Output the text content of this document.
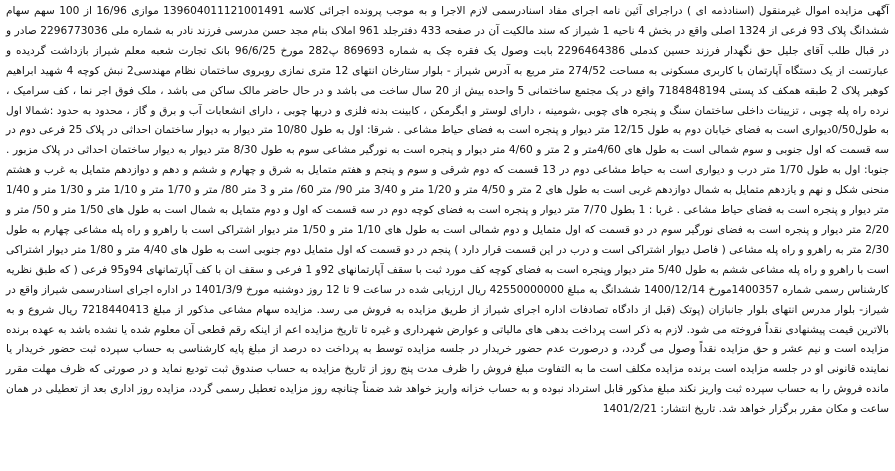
آگهی مزایده اموال غیرمنقول (اسناد‌ذمه ای ) دراجرای آئین نامه اجرای مفاد اسنادرسمی لازم الاجرا و به موجب پرونده اجرائی کلاسه 139604011121001491 موازی 16/96 از 100 سهم سهام ششدانگ پلاک 93 فرعی از 1324 اصلی واقع در بخش 4 ناحیه 1 شیراز که سند مالکیت آن در صفحه 433 دفترجلد 961 املاک بنام مجد حسن مدرسی فرزند نادر به شماره ملی 2296773036 صادر و در قبال طلب آقای جلیل حق نگهدار فرزند حسین کدملی 2296464386 بابت وصول یک فقره چک به شماره 869693 پ282 مورخ 96/6/25 بانک تجارت شعبه معلم شیراز بازداشت گردیده و عبارتست از یک دستگاه آپارتمان با کاربری مسکونی به مساحت 274/52 متر مربع به آدرس شیراز - بلوار ستارخان انتهای 12 متری نمازی روبروی ساختمان نظام مهندسی2 نبش کوچه 4 شهید ابراهیم کوهبر پلاک 2 طبقه همکف کد پستی 7184848194 واقع در یک مجتمع ساختمانی 5 واحده بیش از 20 سال ساخت می باشد و در حال حاضر مالک ساکن می باشد ، ملک فوق اجر نما ، کف سرامیک ، نرده راه پله چوبی ، تزیینات داخلی ساختمان سنگ و پنجره های چوبی ،شومینه ، دارای لوستر و ابگرمکن ، کابینت بدنه فلزی و دربها چوبی ، دارای انشعابات آب و برق و گاز ، محدود به حدود :شمالا اول به طول0/50دیواری است به فضای خیابان دوم به طول 12/15 متر دیوار و پنجره است به فضای حیاط مشاعی . شرقا: اول به طول 10/80 متر دیوار به دیوار ساختمان احداثی در پلاک 25 فرعی دوم در سه قسمت که اول جنوبی و سوم شمالی است به طول های 4/60متر و 2 متر و 4/60 متر دیوار و پنجره است به نورگیر مشاعی سوم به طول 8/30 متر دیوار به دیوار ساختمان احداثی در پلاک مزبور . جنوبا: اول به طول 1/70 متر درب و دیواری است به حیاط مشاعی دوم در 13 قسمت که دوم شرقی و سوم و پنجم و هفتم متمایل به شرق و چهارم و ششم و دهم و دوازدهم متمایل به غرب و هشتم منحنی شکل و نهم و یازدهم متمایل به شمال دوازدهم غربی است به طول های 2 متر و 4/50 متر و 1/20 متر و 3/40 متر 90/ متر 60/ متر و 3 متر 80/ متر و 1/70 متر و 1/10 متر و 1/30 متر و 1/40 متر دیوار و پنجره است به فضای حیاط مشاعی . غربا : 1 بطول 7/70 متر دیوار و پنجره است به فضای کوچه دوم در سه قسمت که اول و دوم متمایل به شمال است به طول های 1/50 متر و 50/ متر و 2/20 متر دیوار و پنجره است به فضای نورگیر سوم در دو قسمت که اول متمایل و دوم شمالی است به طول های 1/10 متر و 1/50 متر دیوار اشتراکی است با راهرو و راه پله مشاعی چهارم به طول 2/30 متر به راهرو و راه پله مشاعی ( فاصل دیوار اشتراکی است و درب در این قسمت قرار دارد ) پنجم در دو قسمت که اول متمایل دوم جنوبی است به طول های 4/40 متر و 1/80 متر دیوار اشتراکی است با راهرو و راه پله مشاعی ششم به طول 5/40 متر دیوار وپنجره است به فضای کوچه کف مورد ثبت با سقف آپارتمانهای 92و 1 فرعی و سقف ان با کف آپارتمانهای 94و95 فرعی ( که طبق نظریه کارشناس رسمی شماره 1400357مورخ 1400/12/14 ششدانگ به مبلغ 42550000000 ریال ارزیابی شده در ساعت 9 تا 12 روز دوشنبه مورخ 1401/3/9 در اداره اجرای اسنادرسمی شیراز واقع در شیراز- بلوار مدرس انتهای بلوار جانبازان (پوتک (قبل از دادگاه تصادفات اداره اجرای شیراز از طریق مزایده به فروش می رسد. مزایده سهام مشاعی مذکور از مبلغ 7218440413 ریال شروع و به بالاترین قیمت پیشنهادی نقداً فروخته می شود. لازم به ذکر است پرداخت بدهی های مالیاتی و عوارض شهرداری و غیره تا تاریخ مزایده اعم از اینکه رقم قطعی آن معلوم شده یا نشده باشد به عهده برنده مزایده است و نیم عشر و حق مزایده نقداً وصول می گردد، و درصورت عدم حضور خریدار در جلسه مزایده توسط به پرداخت ده درصد از مبلغ پایه کارشناسی به حساب سپرده ثبت حضور خریدار یا نماینده قانونی او در جلسه مزایده است برنده مزایده مکلف است ما به التفاوت مبلغ فروش را ظرف مدت پنج روز از تاریخ مزایده به حساب صندوق ثبت تودیع نماید و در صورتی که ظرف مهلت مقرر مانده فروش را به حساب سپرده ثبت واریز نکند مبلغ مذکور قابل استرداد نبوده و به حساب خزانه واریز خواهد شد ضمناً چنانچه روز مزایده تعطیل رسمی گردد، مزایده روز اداری بعد از تعطیلی در همان ساعت و مکان مقرر برگزار خواهد شد. تاریخ انتشار: 1401/2/21
